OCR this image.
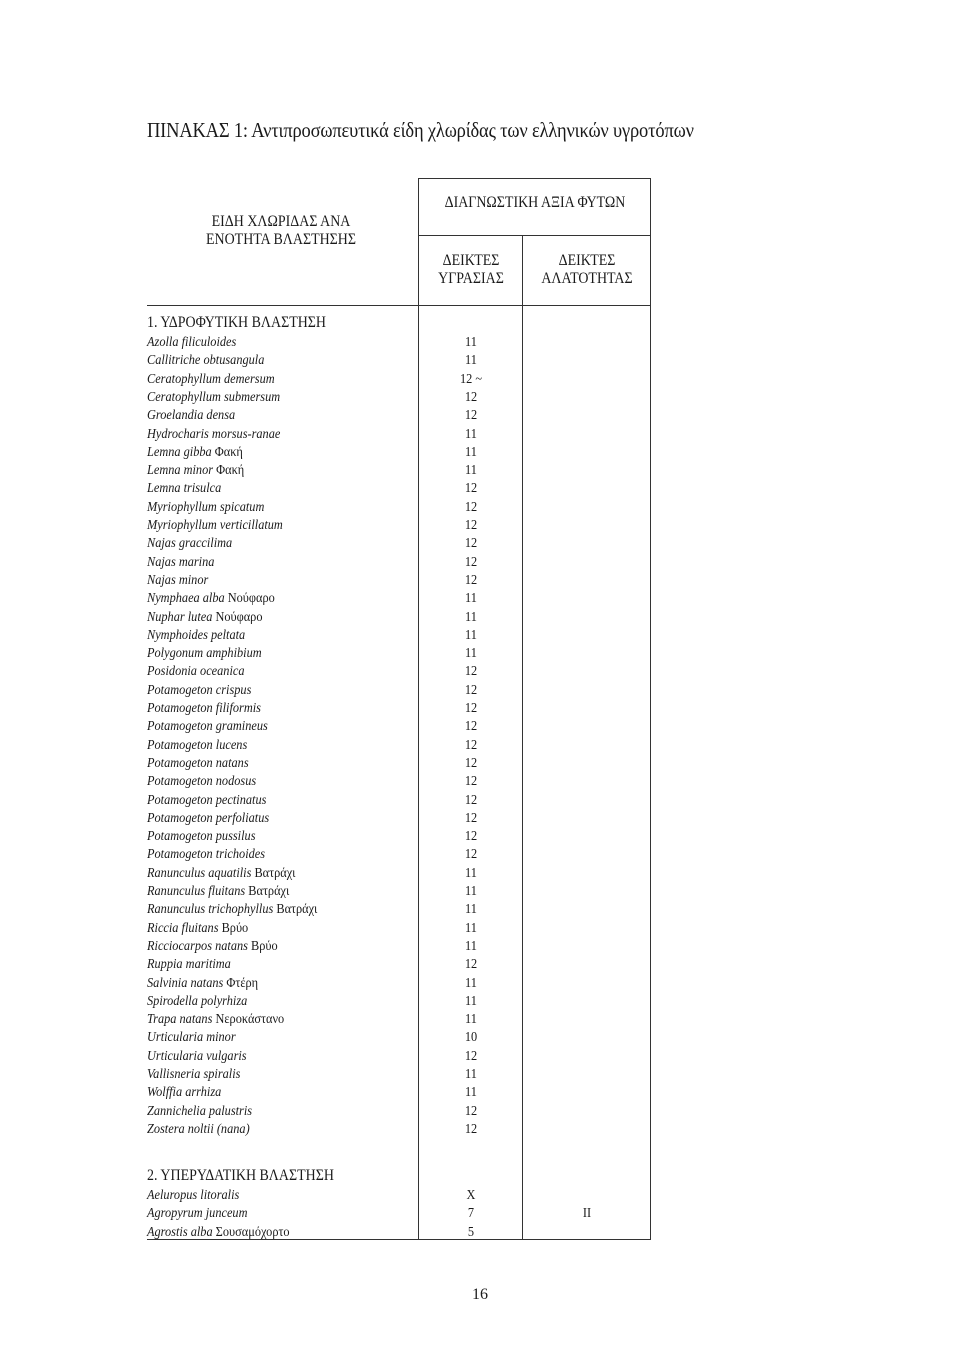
ΠΙΝΑΚΑΣ 1: Αντιπροσωπευτικά είδη χλωρίδας των ελληνικών υγροτόπων
ΕΙΔΗ ΧΛΩΡΙΔΑΣ ΑΝΑ
ΕΝΟΤΗΤΑ ΒΛΑΣΤΗΣΗΣ
ΔΙΑΓΝΩΣΤΙΚΗ ΑΞΙΑ ΦΥΤΩΝ
ΔΕΙΚΤΕΣ
ΥΓΡΑΣΙΑΣ
ΔΕΙΚΤΕΣ
ΑΛΑΤΟΤΗΤΑΣ
1. ΥΔΡΟΦΥΤΙΚΗ ΒΛΑΣΤΗΣΗ
Azolla filiculoides	11
Callitriche obtusangula	11
Ceratophyllum demersum	12 ~
Ceratophyllum submersum	12
Groelandia densa	12
Hydrocharis morsus-ranae	11
Lemna gibba Φακή	11
Lemna minor Φακή	11
Lemna trisulca	12
Myriophyllum spicatum	12
Myriophyllum verticillatum	12
Najas graccilima	12
Najas marina	12
Najas minor	12
Nymphaea alba Νούφαρο	11
Nuphar lutea Νούφαρο	11
Nymphoides peltata	11
Polygonum amphibium	11
Posidonia oceanica	12
Potamogeton crispus	12
Potamogeton filiformis	12
Potamogeton gramineus	12
Potamogeton lucens	12
Potamogeton natans	12
Potamogeton nodosus	12
Potamogeton pectinatus	12
Potamogeton perfoliatus	12
Potamogeton pussilus	12
Potamogeton trichoides	12
Ranunculus aquatilis Βατράχι	11
Ranunculus fluitans Βατράχι	11
Ranunculus trichophyllus Βατράχι	11
Riccia fluitans Βρύο	11
Ricciocarpos natans Βρύο	11
Ruppia maritima	12
Salvinia natans Φτέρη	11
Spirodella polyrhiza	11
Trapa natans Νεροκάστανο	11
Urticularia minor	10
Urticularia vulgaris	12
Vallisneria spiralis	11
Wolffia arrhiza	11
Zannichelia palustris	12
Zostera noltii (nana)	12
2. ΥΠΕΡΥΔΑΤΙΚΗ ΒΛΑΣΤΗΣΗ
Aeluropus litoralis	X
Agropyrum junceum	7	II
Agrostis alba Σουσαμόχορτο	5
16
